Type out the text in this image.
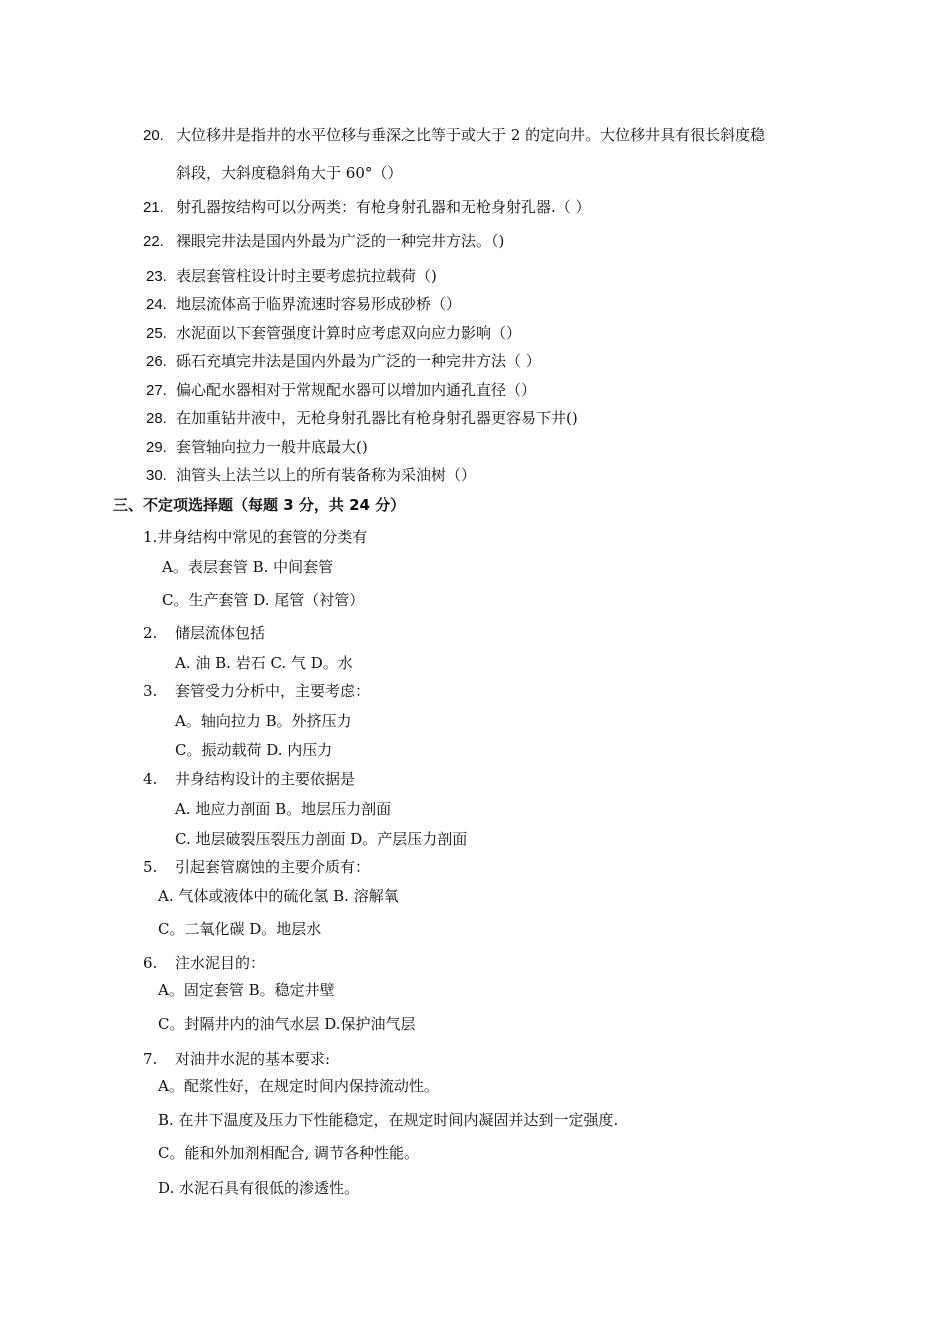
20. 大位移井是指井的水平位移与垂深之比等于或大于 2 的定向井。大位移井具有很长斜度稳
斜段，大斜度稳斜角大于 60°（）
21. 射孔器按结构可以分两类：有枪身射孔器和无枪身射孔器.（ ）
22. 裸眼完井法是国内外最为广泛的一种完井方法。（)
23. 表层套管柱设计时主要考虑抗拉载荷（)
24. 地层流体高于临界流速时容易形成砂桥（）
25. 水泥面以下套管强度计算时应考虑双向应力影响（）
26. 砾石充填完井法是国内外最为广泛的一种完井方法（ ）
27. 偏心配水器相对于常规配水器可以增加内通孔直径（）
28. 在加重钻井液中，无枪身射孔器比有枪身射孔器更容易下井()
29. 套管轴向拉力一般井底最大()
30. 油管头上法兰以上的所有装备称为采油树（）
三、不定项选择题（每题 3 分，共 24 分）
1.井身结构中常见的套管的分类有
A。表层套管 B. 中间套管
C。生产套管 D. 尾管（衬管）
2. 储层流体包括
A. 油 B. 岩石 C. 气 D。水
3. 套管受力分析中，主要考虑：
A。轴向拉力 B。外挤压力
C。振动载荷 D. 内压力
4. 井身结构设计的主要依据是
A. 地应力剖面 B。地层压力剖面
C. 地层破裂压裂压力剖面 D。产层压力剖面
5. 引起套管腐蚀的主要介质有：
A. 气体或液体中的硫化氢 B. 溶解氧
C。二氧化碳 D。地层水
6. 注水泥目的：
A。固定套管 B。稳定井壁
C。封隔井内的油气水层 D.保护油气层
7. 对油井水泥的基本要求:
A。配浆性好，在规定时间内保持流动性。
B. 在井下温度及压力下性能稳定，在规定时间内凝固并达到一定强度.
C。能和外加剂相配合, 调节各种性能。
D. 水泥石具有很低的渗透性。
